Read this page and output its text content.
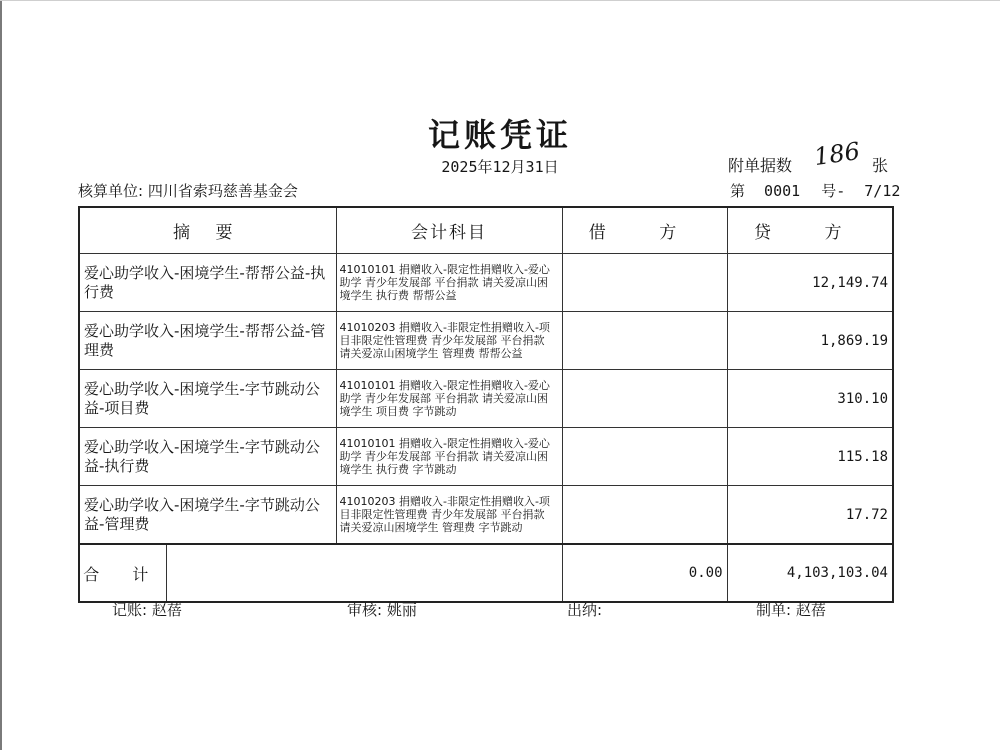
记账凭证
2025年12月31日	附单据数 186 张
核算单位: 四川省索玛慈善基金会	第 0001 号- 7/12
摘 要		会计科目	借 方	贷 方
爱心助学收入-困境学生-帮帮公益-执行费		41010101 捐赠收入-限定性捐赠收入-爱心助学 青少年发展部 平台捐款 请关爱凉山困境学生 执行费 帮帮公益		12,149.74
爱心助学收入-困境学生-帮帮公益-管理费		41010203 捐赠收入-非限定性捐赠收入-项目非限定性管理费 青少年发展部 平台捐款 请关爱凉山困境学生 管理费 帮帮公益		1,869.19
爱心助学收入-困境学生-字节跳动公益-项目费		41010101 捐赠收入-限定性捐赠收入-爱心助学 青少年发展部 平台捐款 请关爱凉山困境学生 项目费 字节跳动		310.10
爱心助学收入-困境学生-字节跳动公益-执行费		41010101 捐赠收入-限定性捐赠收入-爱心助学 青少年发展部 平台捐款 请关爱凉山困境学生 执行费 字节跳动		115.18
爱心助学收入-困境学生-字节跳动公益-管理费		41010203 捐赠收入-非限定性捐赠收入-项目非限定性管理费 青少年发展部 平台捐款 请关爱凉山困境学生 管理费 字节跳动		17.72
合 计			0.00	4,103,103.04
记账: 赵蓓	审核: 姚丽	出纳:	制单: 赵蓓
